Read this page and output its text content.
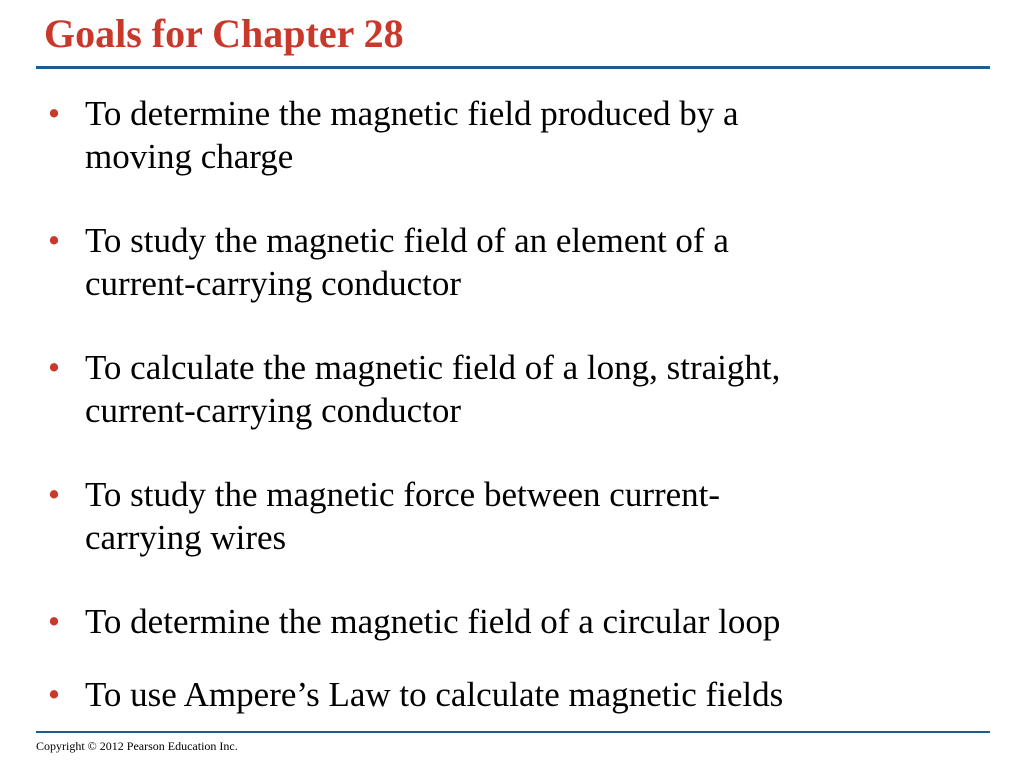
Goals for Chapter 28
• To determine the magnetic field produced by a
moving charge
• To study the magnetic field of an element of a
current-carrying conductor
• To calculate the magnetic field of a long, straight,
current-carrying conductor
• To study the magnetic force between current-
carrying wires
• To determine the magnetic field of a circular loop
• To use Ampere’s Law to calculate magnetic fields
Copyright © 2012 Pearson Education Inc.
